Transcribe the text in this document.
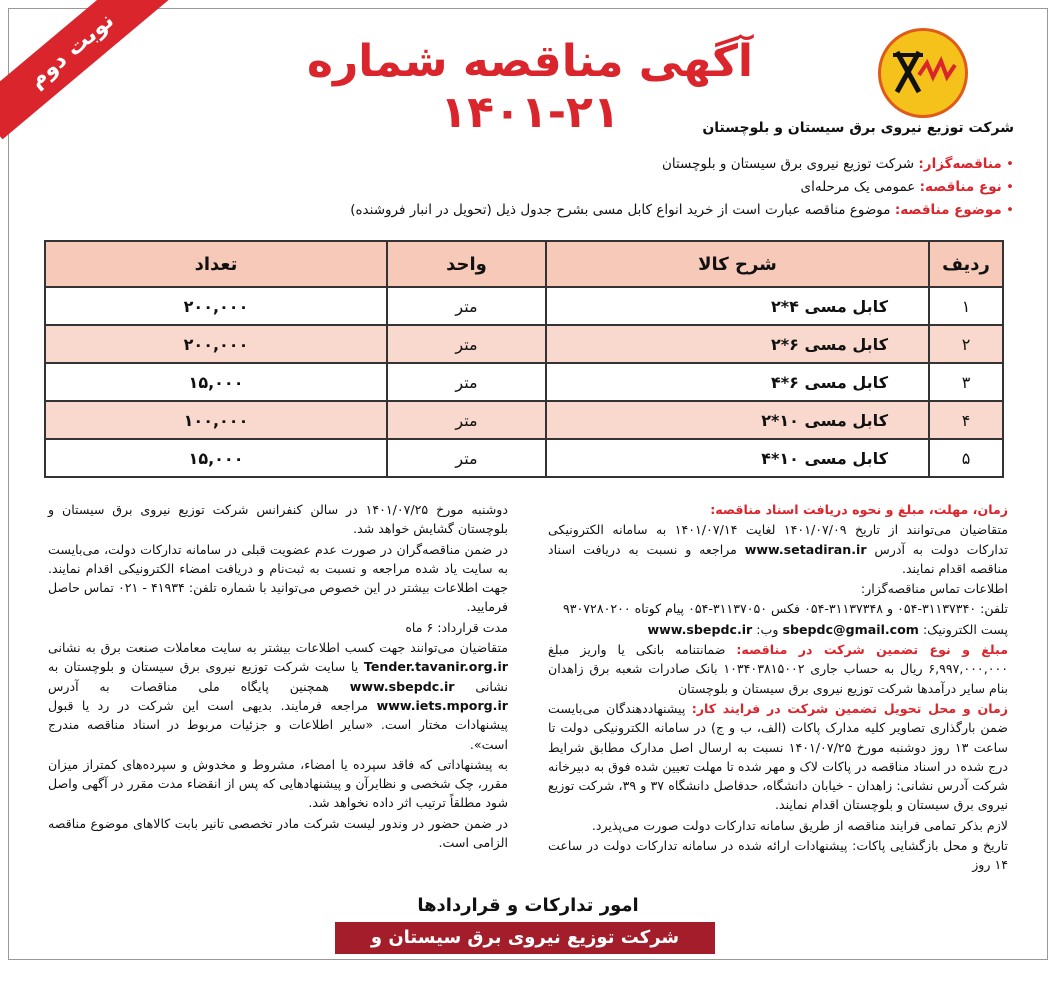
نوبت دوم	آگهی مناقصه شماره ۲۱-۱۴۰۱	شرکت توزیع نیروی برق سیستان و بلوچستان
• مناقصه‌گزار: شرکت توزیع نیروی برق سیستان و بلوچستان
• نوع مناقصه: عمومی یک مرحله‌ای
• موضوع مناقصه: موضوع مناقصه عبارت است از خرید انواع کابل مسی بشرح جدول ذیل (تحویل در انبار فروشنده)
ردیف	شرح کالا	واحد	تعداد
۱	کابل مسی ۴*۲	متر	۲۰۰,۰۰۰
۲	کابل مسی ۶*۲	متر	۲۰۰,۰۰۰
۳	کابل مسی ۶*۴	متر	۱۵,۰۰۰
۴	کابل مسی ۱۰*۲	متر	۱۰۰,۰۰۰
۵	کابل مسی ۱۰*۴	متر	۱۵,۰۰۰

زمان، مهلت، مبلغ و نحوه دریافت اسناد مناقصه:

متقاضیان می‌توانند از تاریخ ۱۴۰۱/۰۷/۰۹ لغایت ۱۴۰۱/۰۷/۱۴ به سامانه الکترونیکی تدارکات دولت به آدرس www.setadiran.ir مراجعه و نسبت به دریافت اسناد مناقصه اقدام نمایند.

اطلاعات تماس مناقصه‌گزار:

تلفن: ۳۱۱۳۷۳۴۰-۰۵۴ و ۳۱۱۳۷۳۴۸-۰۵۴ فکس ۳۱۱۳۷۰۵۰-۰۵۴ پیام کوتاه ۹۳۰۷۲۸۰۲۰۰

پست الکترونیک: sbepdc@gmail.com وب: www.sbepdc.ir

مبلغ و نوع تضمین شرکت در مناقصه: ضمانتنامه بانکی یا واریز مبلغ ۶,۹۹۷,۰۰۰,۰۰۰ ریال به حساب جاری ۱۰۳۴۰۳۸۱۵۰۰۲ بانک صادرات شعبه برق زاهدان بنام سایر درآمدها شرکت توزیع نیروی برق سیستان و بلوچستان

زمان و محل تحویل تضمین شرکت در فرایند کار: پیشنهاددهندگان می‌بایست ضمن بارگذاری تصاویر کلیه مدارک پاکات (الف، ب و ج) در سامانه الکترونیکی دولت تا ساعت ۱۳ روز دوشنبه مورخ ۱۴۰۱/۰۷/۲۵ نسبت به ارسال اصل مدارک مطابق شرایط درج شده در اسناد مناقصه در پاکات لاک و مهر شده تا مهلت تعیین شده فوق به دبیرخانه شرکت آدرس نشانی: زاهدان - خیابان دانشگاه، حدفاصل دانشگاه ۳۷ و ۳۹، شرکت توزیع نیروی برق سیستان و بلوچستان اقدام نمایند.

لازم بذکر تمامی فرایند مناقصه از طریق سامانه تدارکات دولت صورت می‌پذیرد.

تاریخ و محل بازگشایی پاکات: پیشنهادات ارائه شده در سامانه تدارکات دولت در ساعت ۱۴ روز

دوشنبه مورخ ۱۴۰۱/۰۷/۲۵ در سالن کنفرانس شرکت توزیع نیروی برق سیستان و بلوچستان گشایش خواهد شد.

در ضمن مناقصه‌گران در صورت عدم عضویت قبلی در سامانه تدارکات دولت، می‌بایست به سایت یاد شده مراجعه و نسبت به ثبت‌نام و دریافت امضاء الکترونیکی اقدام نمایند. جهت اطلاعات بیشتر در این خصوص می‌توانید با شماره تلفن: ۴۱۹۳۴ - ۰۲۱ تماس حاصل فرمایید.

مدت قرارداد: ۶ ماه

متقاضیان می‌توانند جهت کسب اطلاعات بیشتر به سایت معاملات صنعت برق به نشانی Tender.tavanir.org.ir یا سایت شرکت توزیع نیروی برق سیستان و بلوچستان به نشانی www.sbepdc.ir همچنین پایگاه ملی مناقصات به آدرس www.iets.mporg.ir مراجعه فرمایند. بدیهی است این شرکت در رد یا قبول پیشنهادات مختار است. «سایر اطلاعات و جزئیات مربوط در اسناد مناقصه مندرج است».

به پیشنهاداتی که فاقد سپرده یا امضاء، مشروط و مخدوش و سپرده‌های کمتراز میزان مقرر، چک شخصی و نظایرآن و پیشنهادهایی که پس از انقضاء مدت مقرر در آگهی واصل شود مطلقاً ترتیب اثر داده نخواهد شد.

در ضمن حضور در وندور لیست شرکت مادر تخصصی تانیر بابت کالاهای موضوع مناقصه الزامی است.

امور تدارکات و قراردادها
شرکت توزیع نیروی برق سیستان و بلوچستان
